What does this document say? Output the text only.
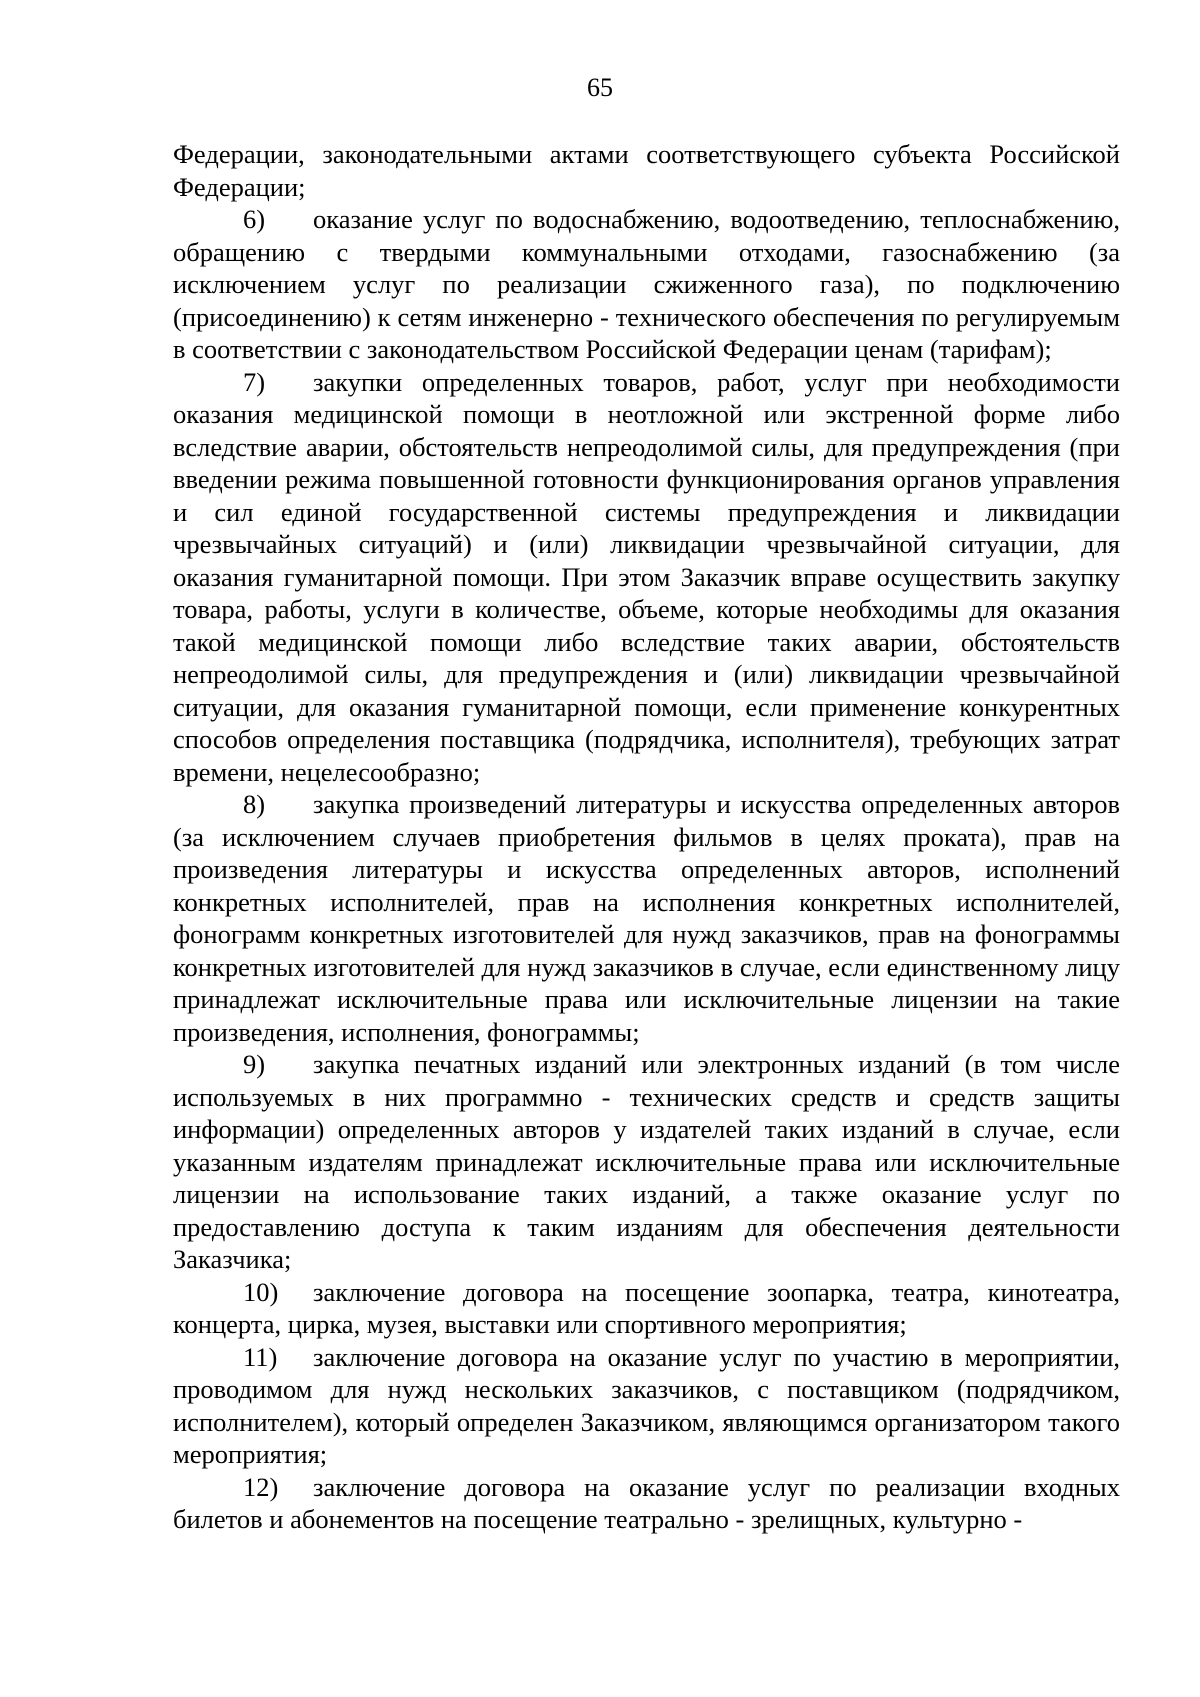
65

Федерации, законодательными актами соответствующего субъекта Российской Федерации;

6) оказание услуг по водоснабжению, водоотведению, теплоснабжению, обращению с твердыми коммунальными отходами, газоснабжению (за исключением услуг по реализации сжиженного газа), по подключению (присоединению) к сетям инженерно - технического обеспечения по регулируемым в соответствии с законодательством Российской Федерации ценам (тарифам);

7) закупки определенных товаров, работ, услуг при необходимости оказания медицинской помощи в неотложной или экстренной форме либо вследствие аварии, обстоятельств непреодолимой силы, для предупреждения (при введении режима повышенной готовности функционирования органов управления и сил единой государственной системы предупреждения и ликвидации чрезвычайных ситуаций) и (или) ликвидации чрезвычайной ситуации, для оказания гуманитарной помощи. При этом Заказчик вправе осуществить закупку товара, работы, услуги в количестве, объеме, которые необходимы для оказания такой медицинской помощи либо вследствие таких аварии, обстоятельств непреодолимой силы, для предупреждения и (или) ликвидации чрезвычайной ситуации, для оказания гуманитарной помощи, если применение конкурентных способов определения поставщика (подрядчика, исполнителя), требующих затрат времени, нецелесообразно;

8) закупка произведений литературы и искусства определенных авторов (за исключением случаев приобретения фильмов в целях проката), прав на произведения литературы и искусства определенных авторов, исполнений конкретных исполнителей, прав на исполнения конкретных исполнителей, фонограмм конкретных изготовителей для нужд заказчиков, прав на фонограммы конкретных изготовителей для нужд заказчиков в случае, если единственному лицу принадлежат исключительные права или исключительные лицензии на такие произведения, исполнения, фонограммы;

9) закупка печатных изданий или электронных изданий (в том числе используемых в них программно - технических средств и средств защиты информации) определенных авторов у издателей таких изданий в случае, если указанным издателям принадлежат исключительные права или исключительные лицензии на использование таких изданий, а также оказание услуг по предоставлению доступа к таким изданиям для обеспечения деятельности Заказчика;

10) заключение договора на посещение зоопарка, театра, кинотеатра, концерта, цирка, музея, выставки или спортивного мероприятия;

11) заключение договора на оказание услуг по участию в мероприятии, проводимом для нужд нескольких заказчиков, с поставщиком (подрядчиком, исполнителем), который определен Заказчиком, являющимся организатором такого мероприятия;

12) заключение договора на оказание услуг по реализации входных билетов и абонементов на посещение театрально - зрелищных, культурно -
